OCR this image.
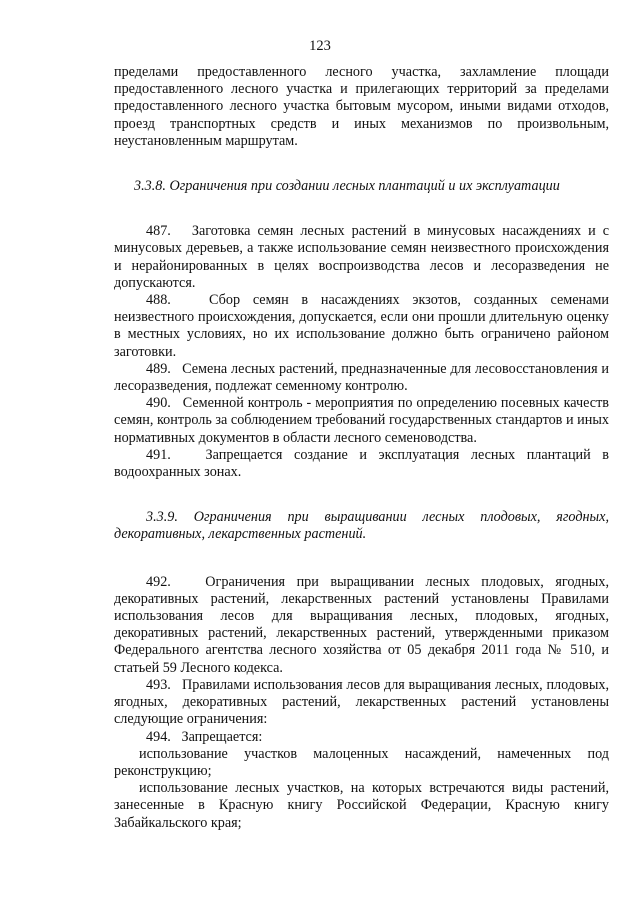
123

пределами предоставленного лесного участка, захламление площади предоставленного лесного участка и прилегающих территорий за пределами предоставленного лесного участка бытовым мусором, иными видами отходов, проезд транспортных средств и иных механизмов по произвольным, неустановленным маршрутам.

3.3.8. Ограничения при создании лесных плантаций и их эксплуатации

487.   Заготовка семян лесных растений в минусовых насаждениях и с минусовых деревьев, а также использование семян неизвестного происхождения и нерайонированных в целях воспроизводства лесов и лесоразведения не допускаются.

488.   Сбор семян в насаждениях экзотов, созданных семенами неизвестного происхождения, допускается, если они прошли длительную оценку в местных условиях, но их использование должно быть ограничено районом заготовки.

489.   Семена лесных растений, предназначенные для лесовосстановления и лесоразведения, подлежат семенному контролю.

490.   Семенной контроль - мероприятия по определению посевных качеств семян, контроль за соблюдением требований государственных стандартов и иных нормативных документов в области лесного семеноводства.

491.   Запрещается создание и эксплуатация лесных плантаций в водоохранных зонах.

3.3.9. Ограничения при выращивании лесных плодовых, ягодных, декоративных, лекарственных растений.

492.   Ограничения при выращивании лесных плодовых, ягодных, декоративных растений, лекарственных растений установлены Правилами использования лесов для выращивания лесных, плодовых, ягодных, декоративных растений, лекарственных растений, утвержденными приказом Федерального агентства лесного хозяйства от 05 декабря 2011 года № 510, и статьей 59 Лесного кодекса.

493.   Правилами использования лесов для выращивания лесных, плодовых, ягодных, декоративных растений, лекарственных растений установлены следующие ограничения:

494.   Запрещается:

использование участков малоценных насаждений, намеченных под реконструкцию;

использование лесных участков, на которых встречаются виды растений, занесенные в Красную книгу Российской Федерации, Красную книгу Забайкальского края;
